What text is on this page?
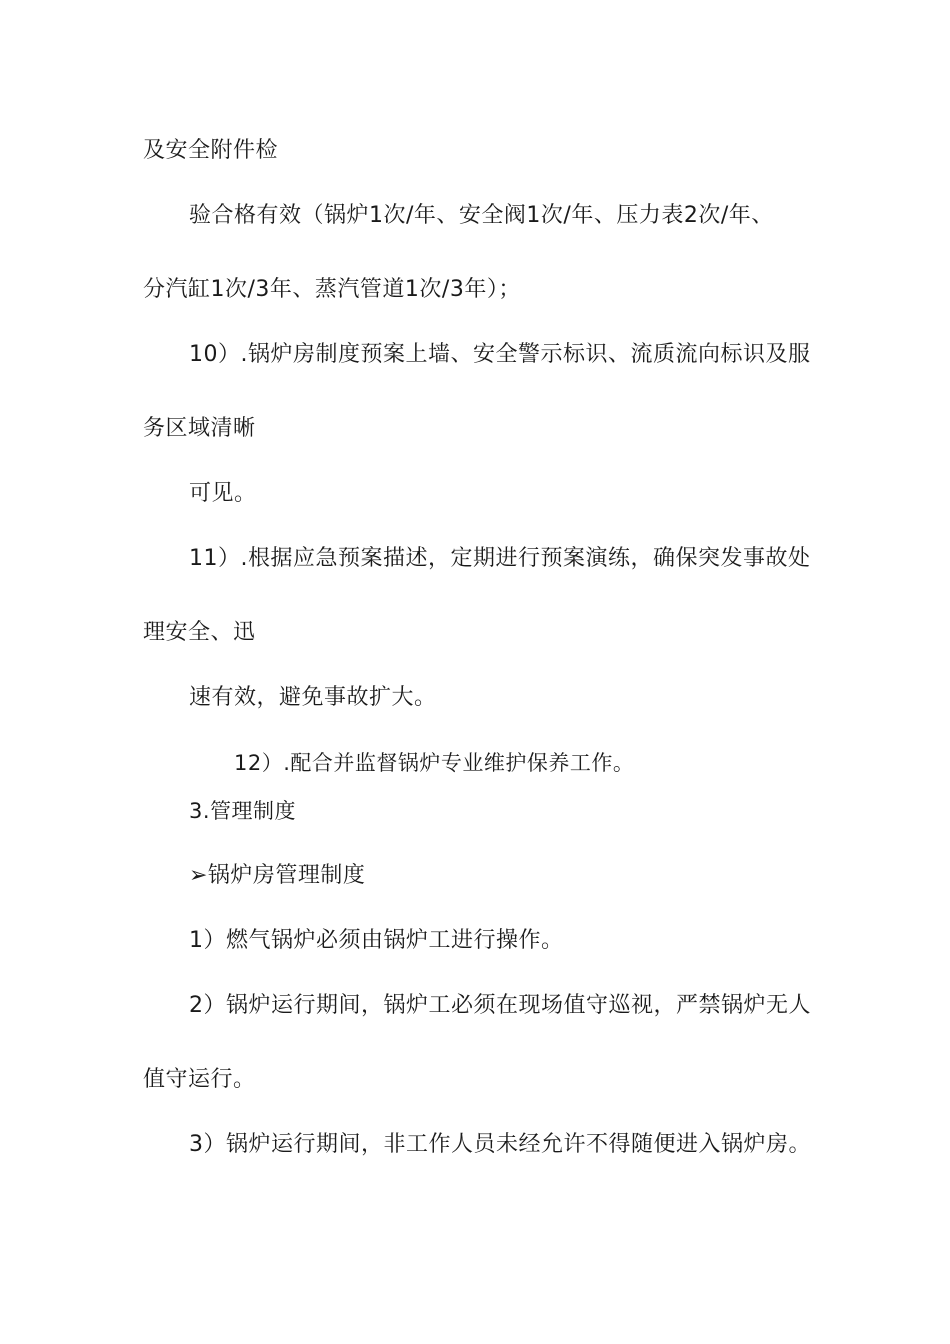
及安全附件检
验合格有效（锅炉1次/年、安全阀1次/年、压力表2次/年、
分汽缸1次/3年、蒸汽管道1次/3年）；
10）.锅炉房制度预案上墙、安全警示标识、流质流向标识及服
务区域清晰
可见。
11）.根据应急预案描述，定期进行预案演练，确保突发事故处
理安全、迅
速有效，避免事故扩大。
12）.配合并监督锅炉专业维护保养工作。
3.管理制度
➢锅炉房管理制度
1）燃气锅炉必须由锅炉工进行操作。
2）锅炉运行期间，锅炉工必须在现场值守巡视，严禁锅炉无人
值守运行。
3）锅炉运行期间，非工作人员未经允许不得随便进入锅炉房。
